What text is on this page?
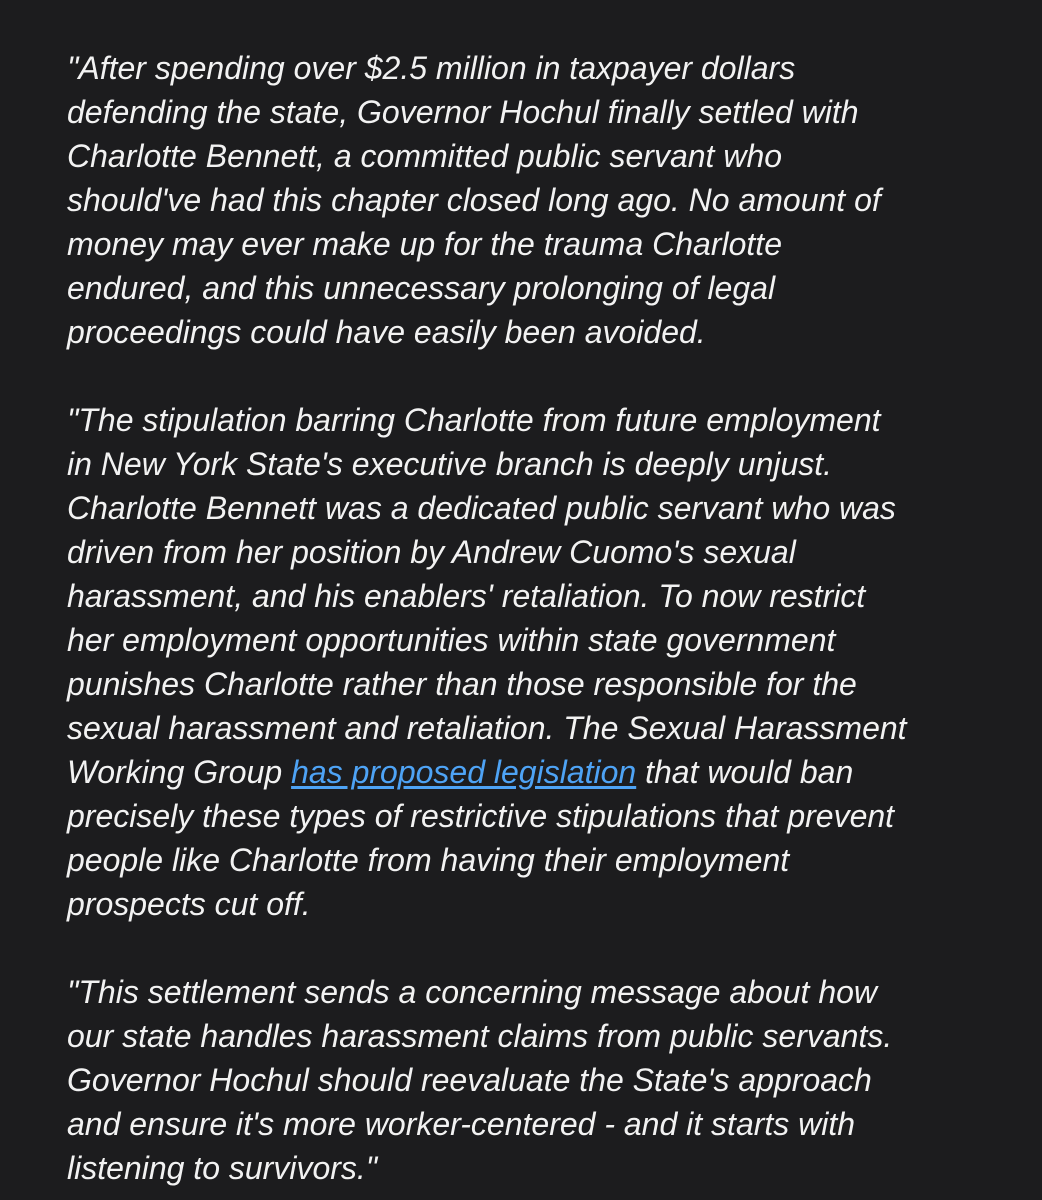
"After spending over $2.5 million in taxpayer dollars
defending the state, Governor Hochul finally settled with
Charlotte Bennett, a committed public servant who
should've had this chapter closed long ago. No amount of
money may ever make up for the trauma Charlotte
endured, and this unnecessary prolonging of legal
proceedings could have easily been avoided.

"The stipulation barring Charlotte from future employment
in New York State's executive branch is deeply unjust.
Charlotte Bennett was a dedicated public servant who was
driven from her position by Andrew Cuomo's sexual
harassment, and his enablers' retaliation. To now restrict
her employment opportunities within state government
punishes Charlotte rather than those responsible for the
sexual harassment and retaliation. The Sexual Harassment
Working Group has proposed legislation that would ban
precisely these types of restrictive stipulations that prevent
people like Charlotte from having their employment
prospects cut off.

"This settlement sends a concerning message about how
our state handles harassment claims from public servants.
Governor Hochul should reevaluate the State's approach
and ensure it's more worker-centered - and it starts with
listening to survivors."
